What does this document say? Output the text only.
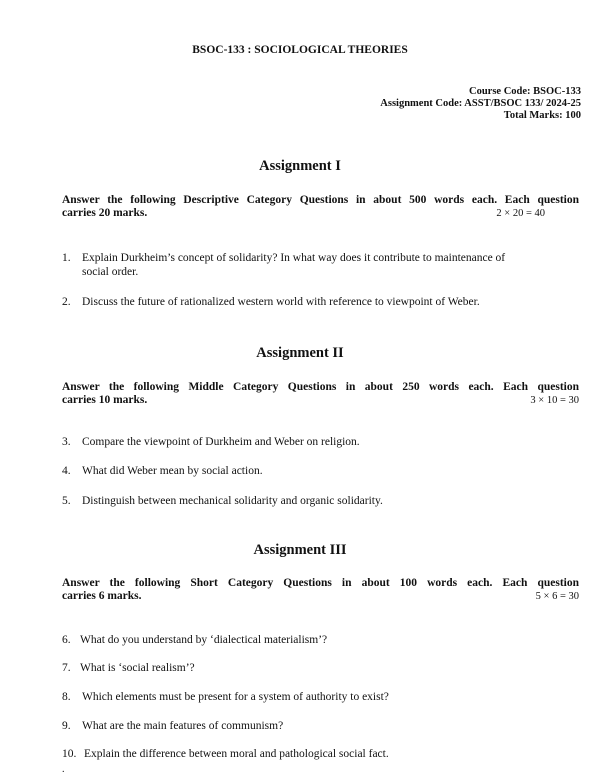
BSOC-133 : SOCIOLOGICAL THEORIES
Course Code: BSOC-133
Assignment Code: ASST/BSOC 133/ 2024-25
Total Marks: 100
Assignment I
Answer the following Descriptive Category Questions in about 500 words each. Each question
carries 20 marks.	2 × 20 = 40
1. Explain Durkheim’s concept of solidarity? In what way does it contribute to maintenance of
social order.
2. Discuss the future of rationalized western world with reference to viewpoint of Weber.
Assignment II
Answer the following Middle Category Questions in about 250 words each. Each question
carries 10 marks.	3 × 10 = 30
3. Compare the viewpoint of Durkheim and Weber on religion.
4. What did Weber mean by social action.
5. Distinguish between mechanical solidarity and organic solidarity.
Assignment III
Answer the following Short Category Questions in about 100 words each. Each question
carries 6 marks.	5 × 6 = 30
6. What do you understand by ‘dialectical materialism’?
7. What is ‘social realism’?
8. Which elements must be present for a system of authority to exist?
9. What are the main features of communism?
10. Explain the difference between moral and pathological social fact.
.
